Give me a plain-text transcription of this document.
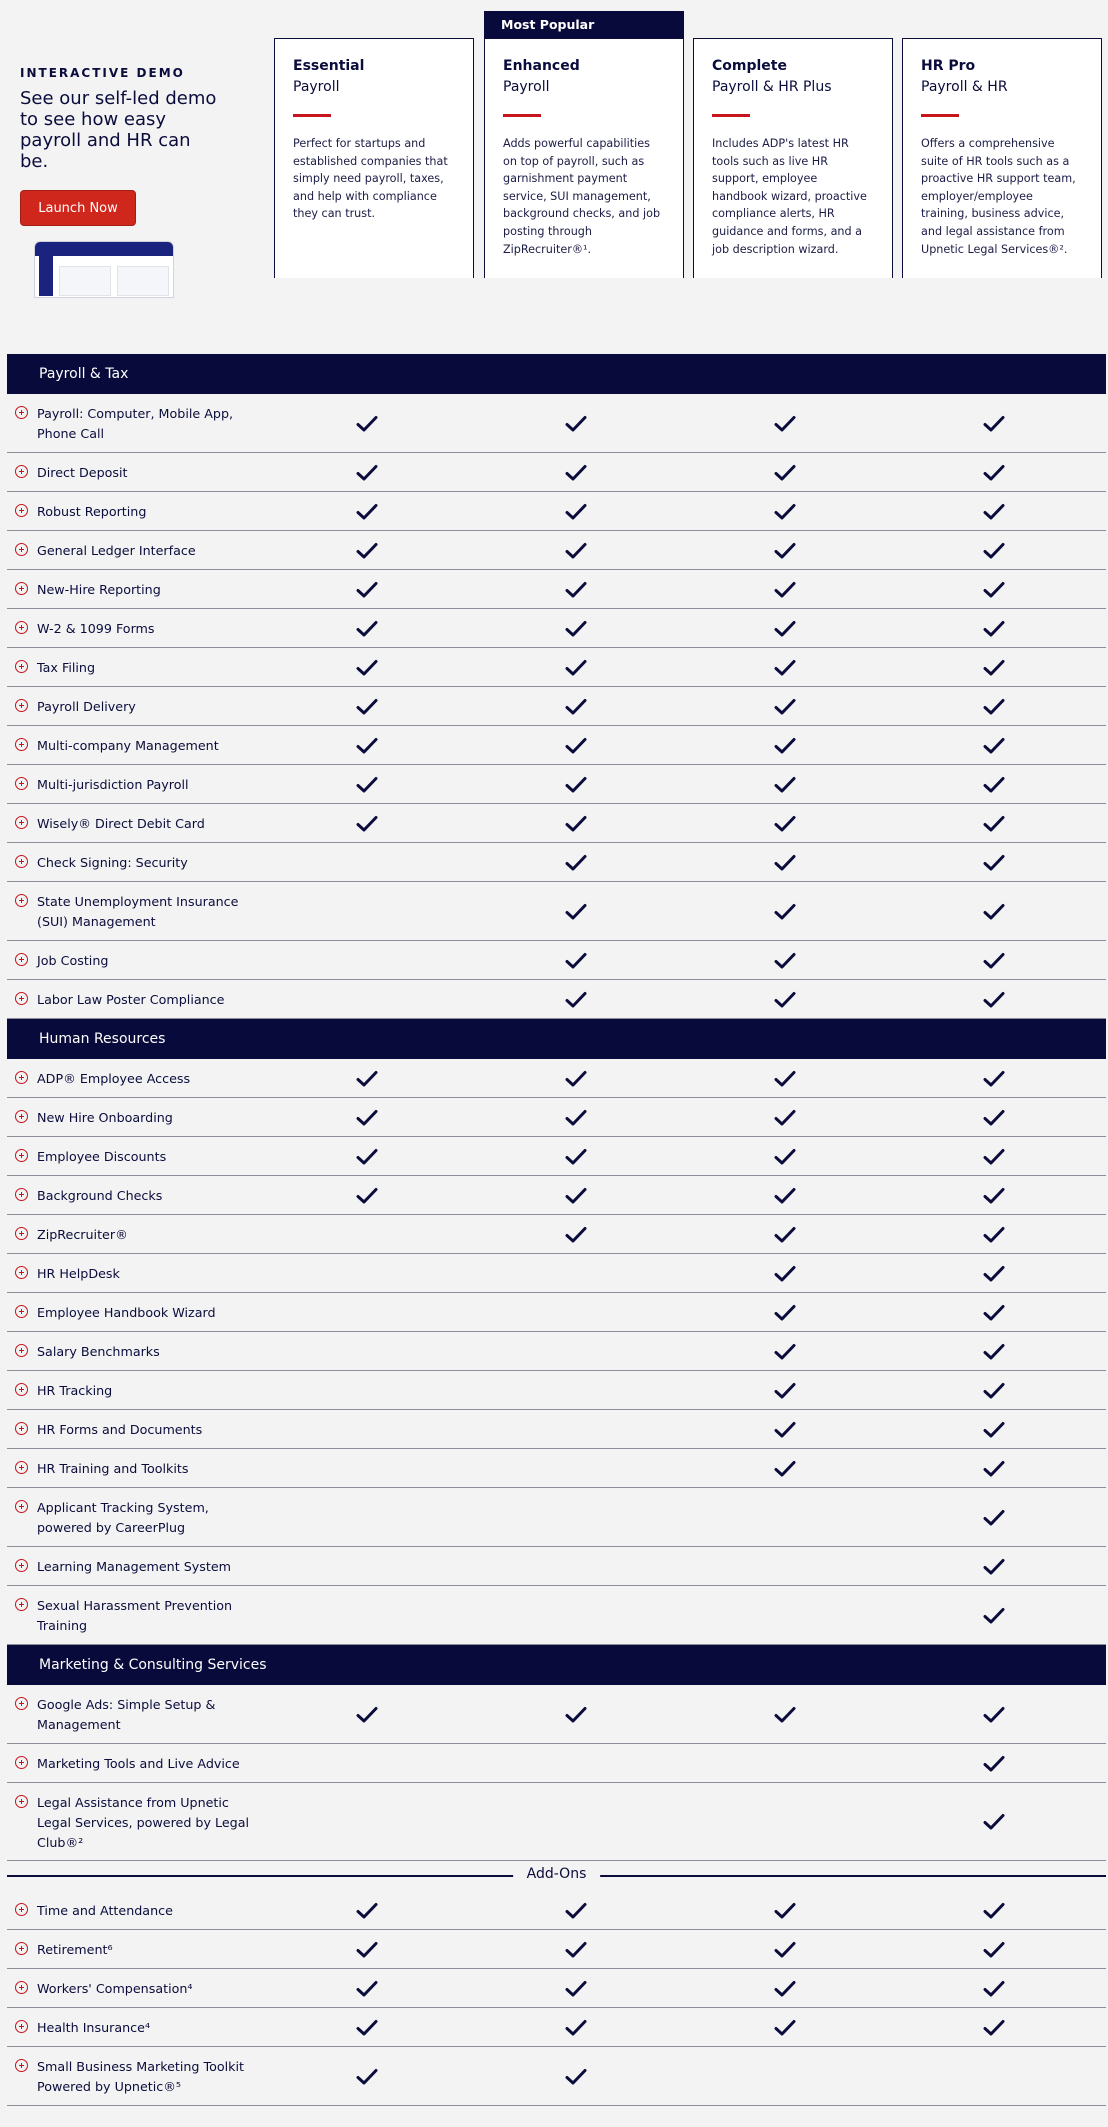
INTERACTIVE DEMO
See our self-led demo to see how easy payroll and HR can be.
Launch Now
Most Popular
Essential
Payroll
Perfect for startups and established companies that simply need payroll, taxes, and help with compliance they can trust.
Enhanced
Payroll
Adds powerful capabilities on top of payroll, such as garnishment payment service, SUI management, background checks, and job posting through ZipRecruiter®¹.
Complete
Payroll & HR Plus
Includes ADP's latest HR tools such as live HR support, employee handbook wizard, proactive compliance alerts, HR guidance and forms, and a job description wizard.
HR Pro
Payroll & HR
Offers a comprehensive suite of HR tools such as a proactive HR support team, employer/employee training, business advice, and legal assistance from Upnetic Legal Services®².
Payroll & Tax
Payroll: Computer, Mobile App, Phone Call
Direct Deposit
Robust Reporting
General Ledger Interface
New-Hire Reporting
W-2 & 1099 Forms
Tax Filing
Payroll Delivery
Multi-company Management
Multi-jurisdiction Payroll
Wisely® Direct Debit Card
Check Signing: Security
State Unemployment Insurance (SUI) Management
Job Costing
Labor Law Poster Compliance
Human Resources
ADP® Employee Access
New Hire Onboarding
Employee Discounts
Background Checks
ZipRecruiter®
HR HelpDesk
Employee Handbook Wizard
Salary Benchmarks
HR Tracking
HR Forms and Documents
HR Training and Toolkits
Applicant Tracking System, powered by CareerPlug
Learning Management System
Sexual Harassment Prevention Training
Marketing & Consulting Services
Google Ads: Simple Setup & Management
Marketing Tools and Live Advice
Legal Assistance from Upnetic Legal Services, powered by Legal Club®²
Add-Ons
Time and Attendance
Retirement⁶
Workers' Compensation⁴
Health Insurance⁴
Small Business Marketing Toolkit Powered by Upnetic®⁵
